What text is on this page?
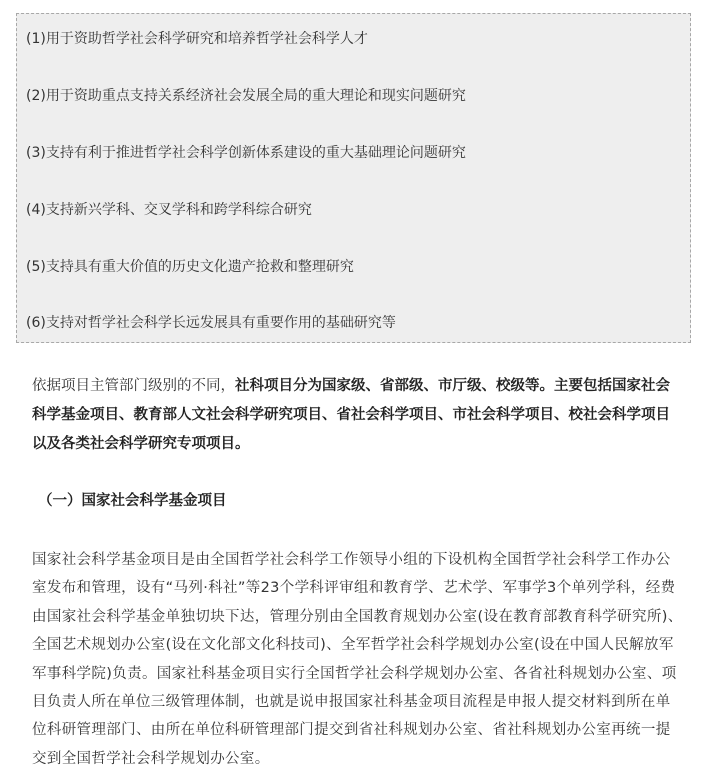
(1)用于资助哲学社会科学研究和培养哲学社会科学人才
(2)用于资助重点支持关系经济社会发展全局的重大理论和现实问题研究
(3)支持有利于推进哲学社会科学创新体系建设的重大基础理论问题研究
(4)支持新兴学科、交叉学科和跨学科综合研究
(5)支持具有重大价值的历史文化遗产抢救和整理研究
(6)支持对哲学社会科学长远发展具有重要作用的基础研究等

依据项目主管部门级别的不同，社科项目分为国家级、省部级、市厅级、校级等。主要包括国家社会科学基金项目、教育部人文社会科学研究项目、省社会科学项目、市社会科学项目、校社会科学项目以及各类社会科学研究专项项目。

（一）国家社会科学基金项目

国家社会科学基金项目是由全国哲学社会科学工作领导小组的下设机构全国哲学社会科学工作办公室发布和管理，设有“马列·科社”等23个学科评审组和教育学、艺术学、军事学3个单列学科，经费由国家社会科学基金单独切块下达，管理分别由全国教育规划办公室(设在教育部教育科学研究所)、全国艺术规划办公室(设在文化部文化科技司)、全军哲学社会科学规划办公室(设在中国人民解放军军事科学院)负责。国家社科基金项目实行全国哲学社会科学规划办公室、各省社科规划办公室、项目负责人所在单位三级管理体制，也就是说申报国家社科基金项目流程是申报人提交材料到所在单位科研管理部门、由所在单位科研管理部门提交到省社科规划办公室、省社科规划办公室再统一提交到全国哲学社会科学规划办公室。
